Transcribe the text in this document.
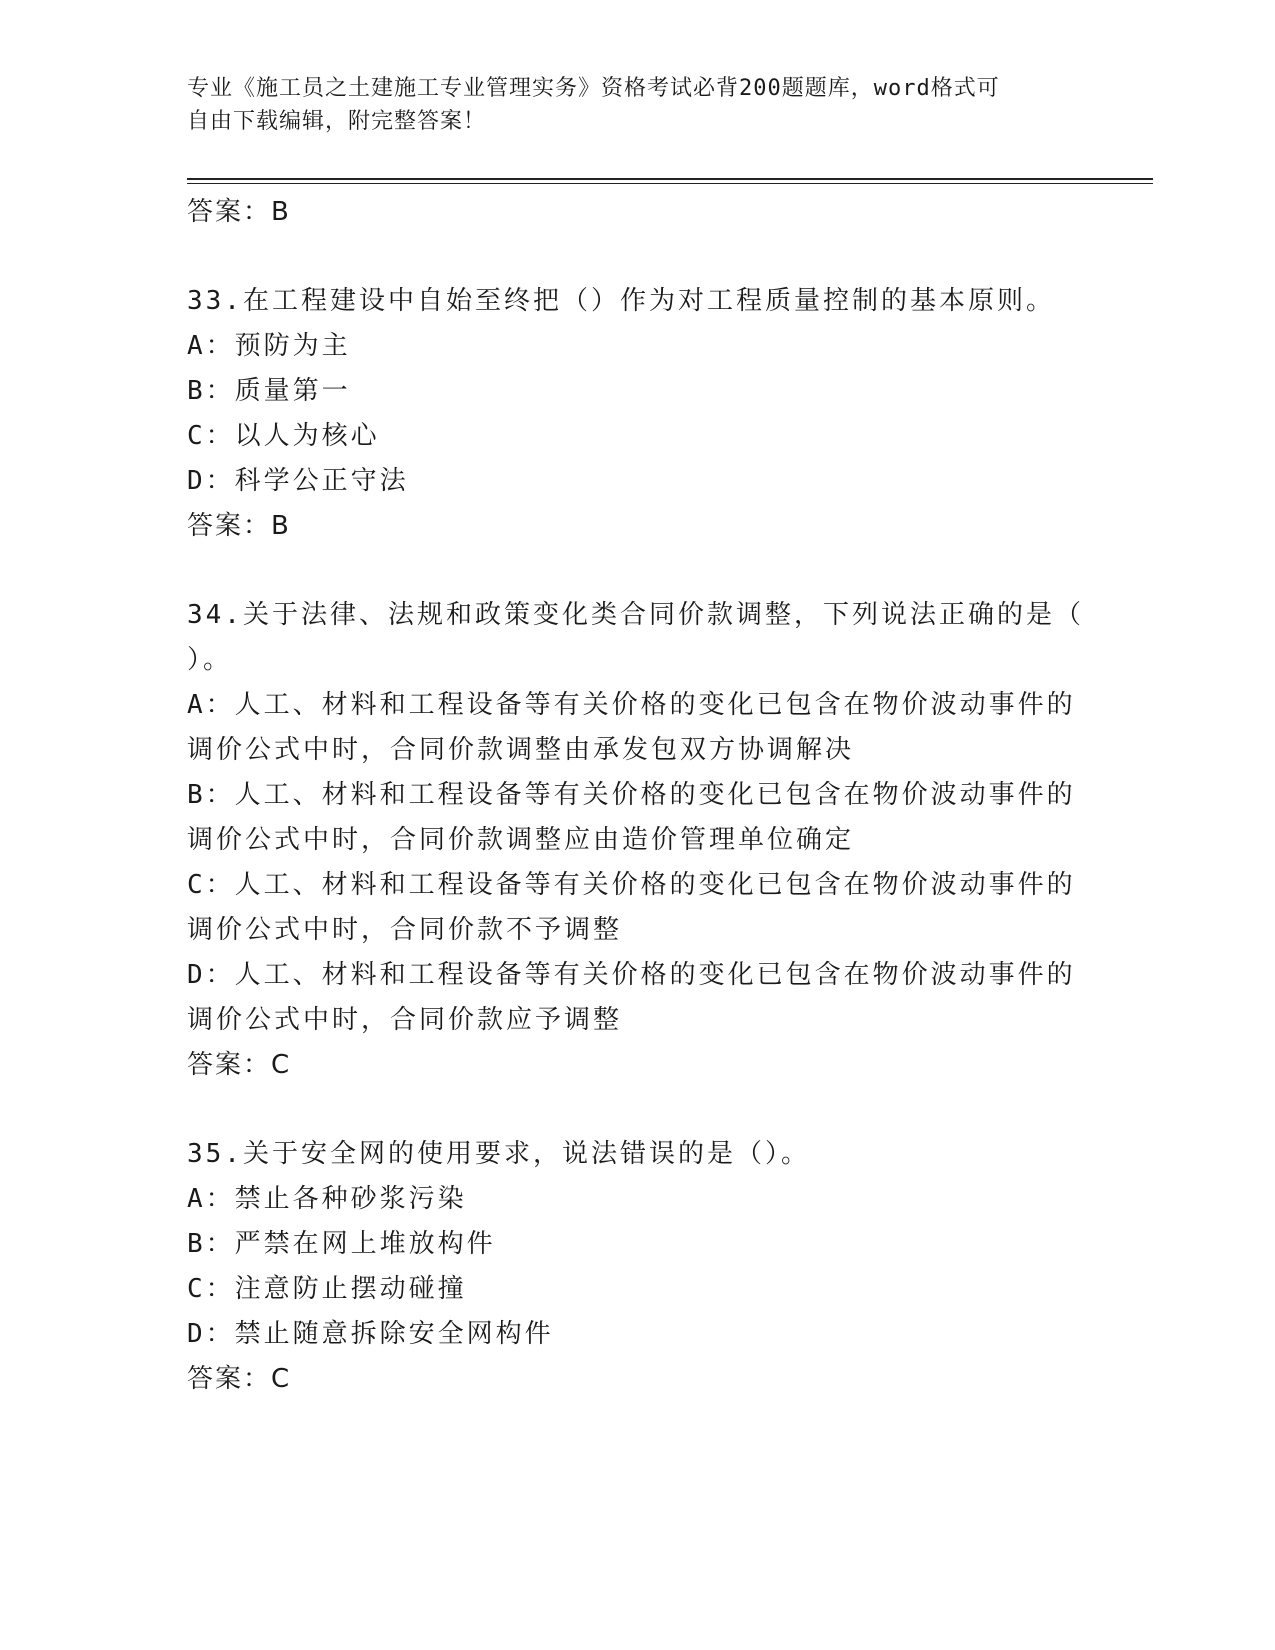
专业《施工员之土建施工专业管理实务》资格考试必背200题题库，word格式可
自由下载编辑，附完整答案！
答案：B
33.在工程建设中自始至终把（）作为对工程质量控制的基本原则。
A：预防为主
B：质量第一
C：以人为核心
D：科学公正守法
答案：B
34.关于法律、法规和政策变化类合同价款调整，下列说法正确的是（
）。
A：人工、材料和工程设备等有关价格的变化已包含在物价波动事件的
调价公式中时，合同价款调整由承发包双方协调解决
B：人工、材料和工程设备等有关价格的变化已包含在物价波动事件的
调价公式中时，合同价款调整应由造价管理单位确定
C：人工、材料和工程设备等有关价格的变化已包含在物价波动事件的
调价公式中时，合同价款不予调整
D：人工、材料和工程设备等有关价格的变化已包含在物价波动事件的
调价公式中时，合同价款应予调整
答案：C
35.关于安全网的使用要求，说法错误的是（）。
A：禁止各种砂浆污染
B：严禁在网上堆放构件
C：注意防止摆动碰撞
D：禁止随意拆除安全网构件
答案：C
